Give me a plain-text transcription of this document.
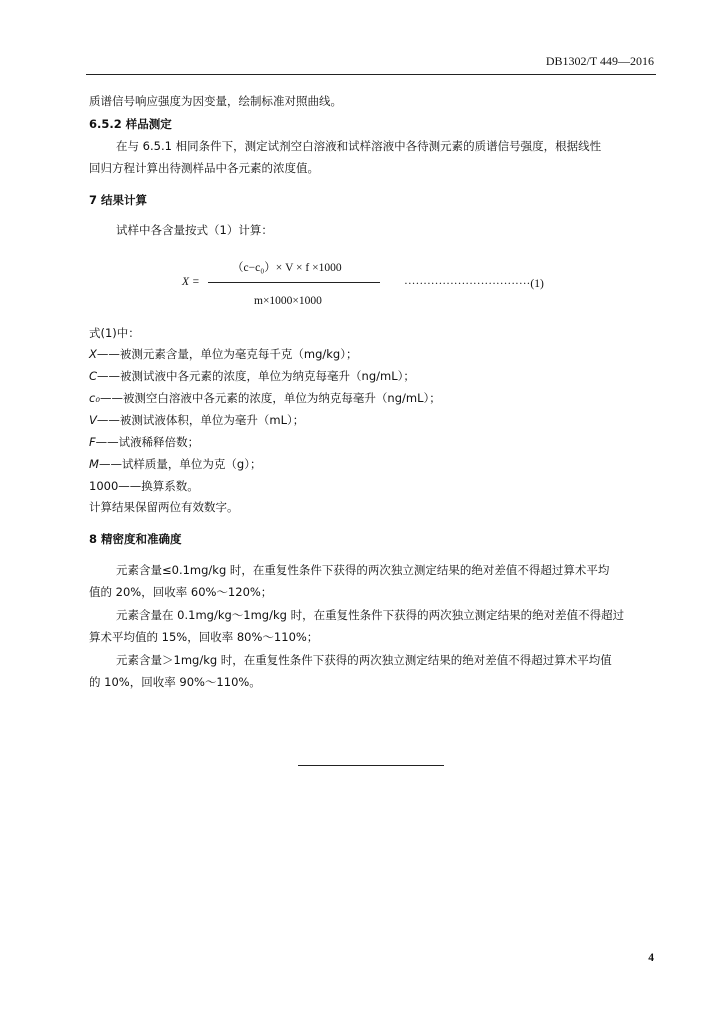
DB1302/T 449—2016
质谱信号响应强度为因变量，绘制标准对照曲线。
6.5.2 样品测定
在与 6.5.1 相同条件下，测定试剂空白溶液和试样溶液中各待测元素的质谱信号强度，根据线性
回归方程计算出待测样品中各元素的浓度值。
7 结果计算
试样中各含量按式（1）计算：
X =
（c−c₀）× V × f ×1000
m×1000×1000
·································(1)
式(1)中：
X——被测元素含量，单位为毫克每千克（mg/kg）；
C——被测试液中各元素的浓度，单位为纳克每毫升（ng/mL）；
c₀——被测空白溶液中各元素的浓度，单位为纳克每毫升（ng/mL）；
V——被测试液体积，单位为毫升（mL）；
F——试液稀释倍数；
M——试样质量，单位为克（g）；
1000——换算系数。
计算结果保留两位有效数字。
8 精密度和准确度
元素含量≤0.1mg/kg 时，在重复性条件下获得的两次独立测定结果的绝对差值不得超过算术平均
值的 20%，回收率 60%～120%；
元素含量在 0.1mg/kg～1mg/kg 时，在重复性条件下获得的两次独立测定结果的绝对差值不得超过
算术平均值的 15%，回收率 80%～110%；
元素含量＞1mg/kg 时，在重复性条件下获得的两次独立测定结果的绝对差值不得超过算术平均值
的 10%，回收率 90%～110%。
4
